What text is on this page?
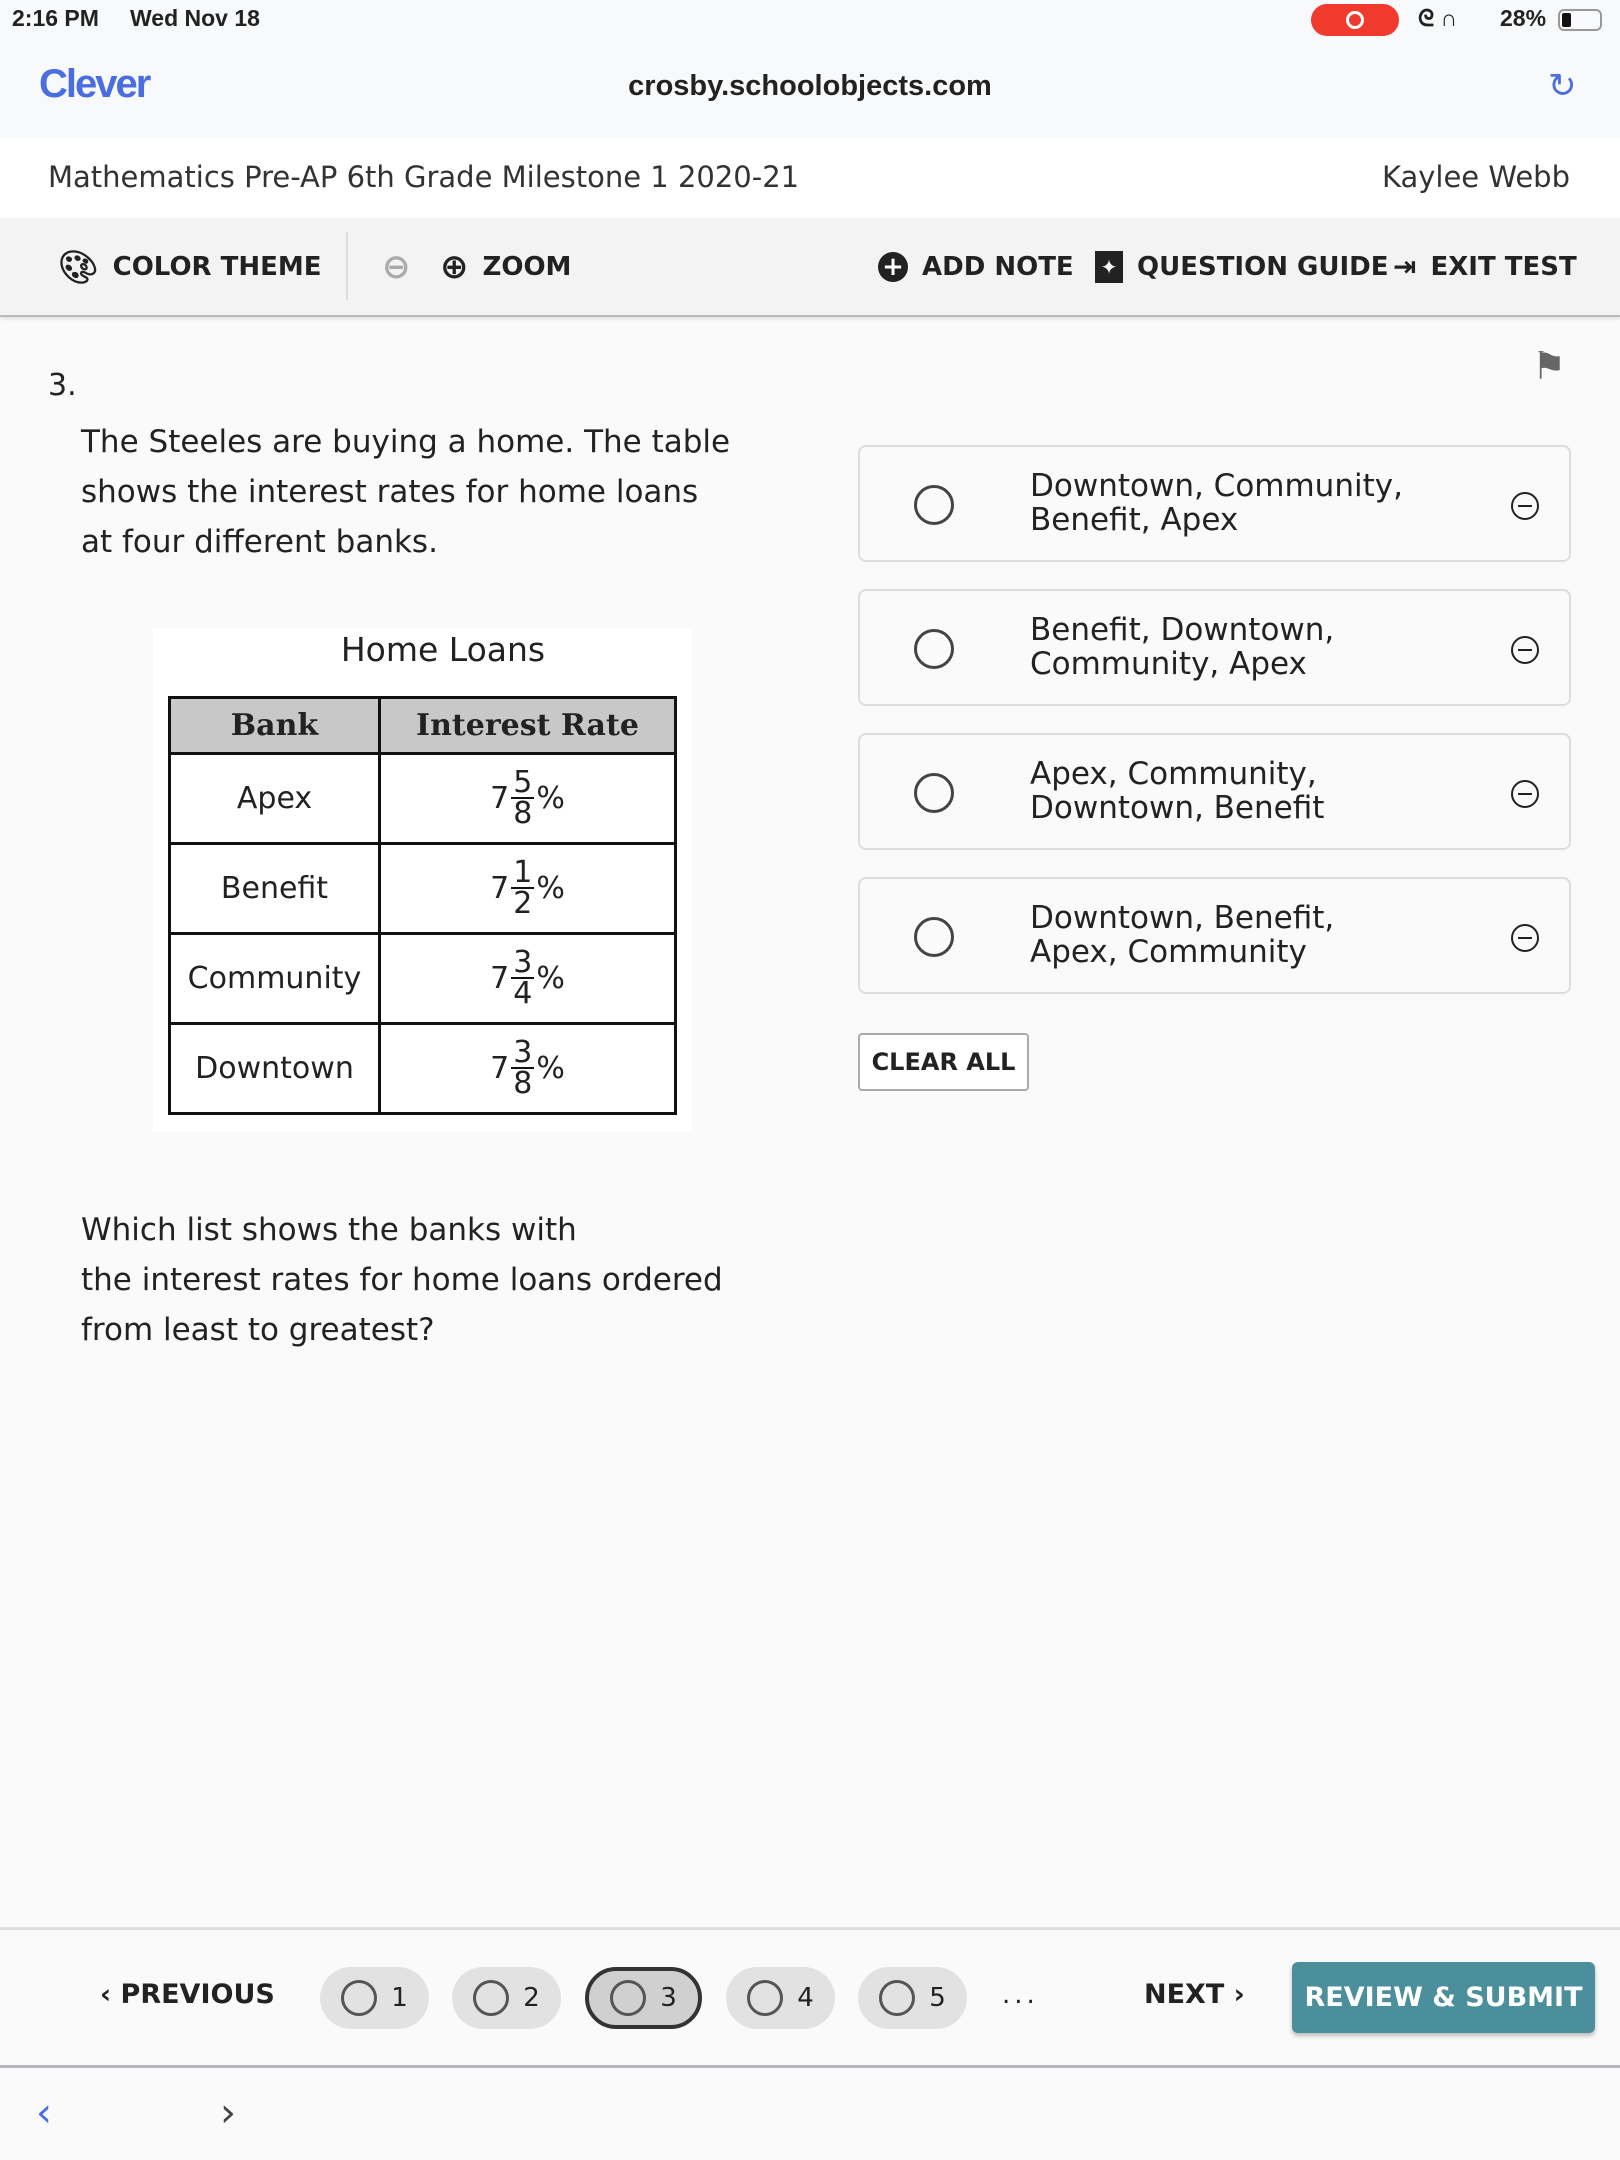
2:16 PM Wed Nov 18	ᘓ ∩ 28%
Clever	crosby.schoolobjects.com	↻
Mathematics Pre-AP 6th Grade Milestone 1 2020-21	Kaylee Webb
🎨︎ COLOR THEME ⊖ ⊕ ZOOM	+ ADD NOTE ✦ QUESTION GUIDE ⇥ EXIT TEST
3.	⚑
The Steeles are buying a home. The table
shows the interest rates for home loans
at four different banks.
Home Loans
Bank	Interest Rate
Apex	7 5
8 %

Benefit	7 1
2 %

Community	7 3
4 %

Downtown	7 3
8 %
Which list shows the banks with
the interest rates for home loans ordered
from least to greatest?
Downtown, Community,
Benefit, Apex
Benefit, Downtown,
Community, Apex
Apex, Community,
Downtown, Benefit
Downtown, Benefit,
Apex, Community
CLEAR ALL
‹ PREVIOUS	1	2	3	4	5 ...	NEXT ›	REVIEW & SUBMIT
‹	›
